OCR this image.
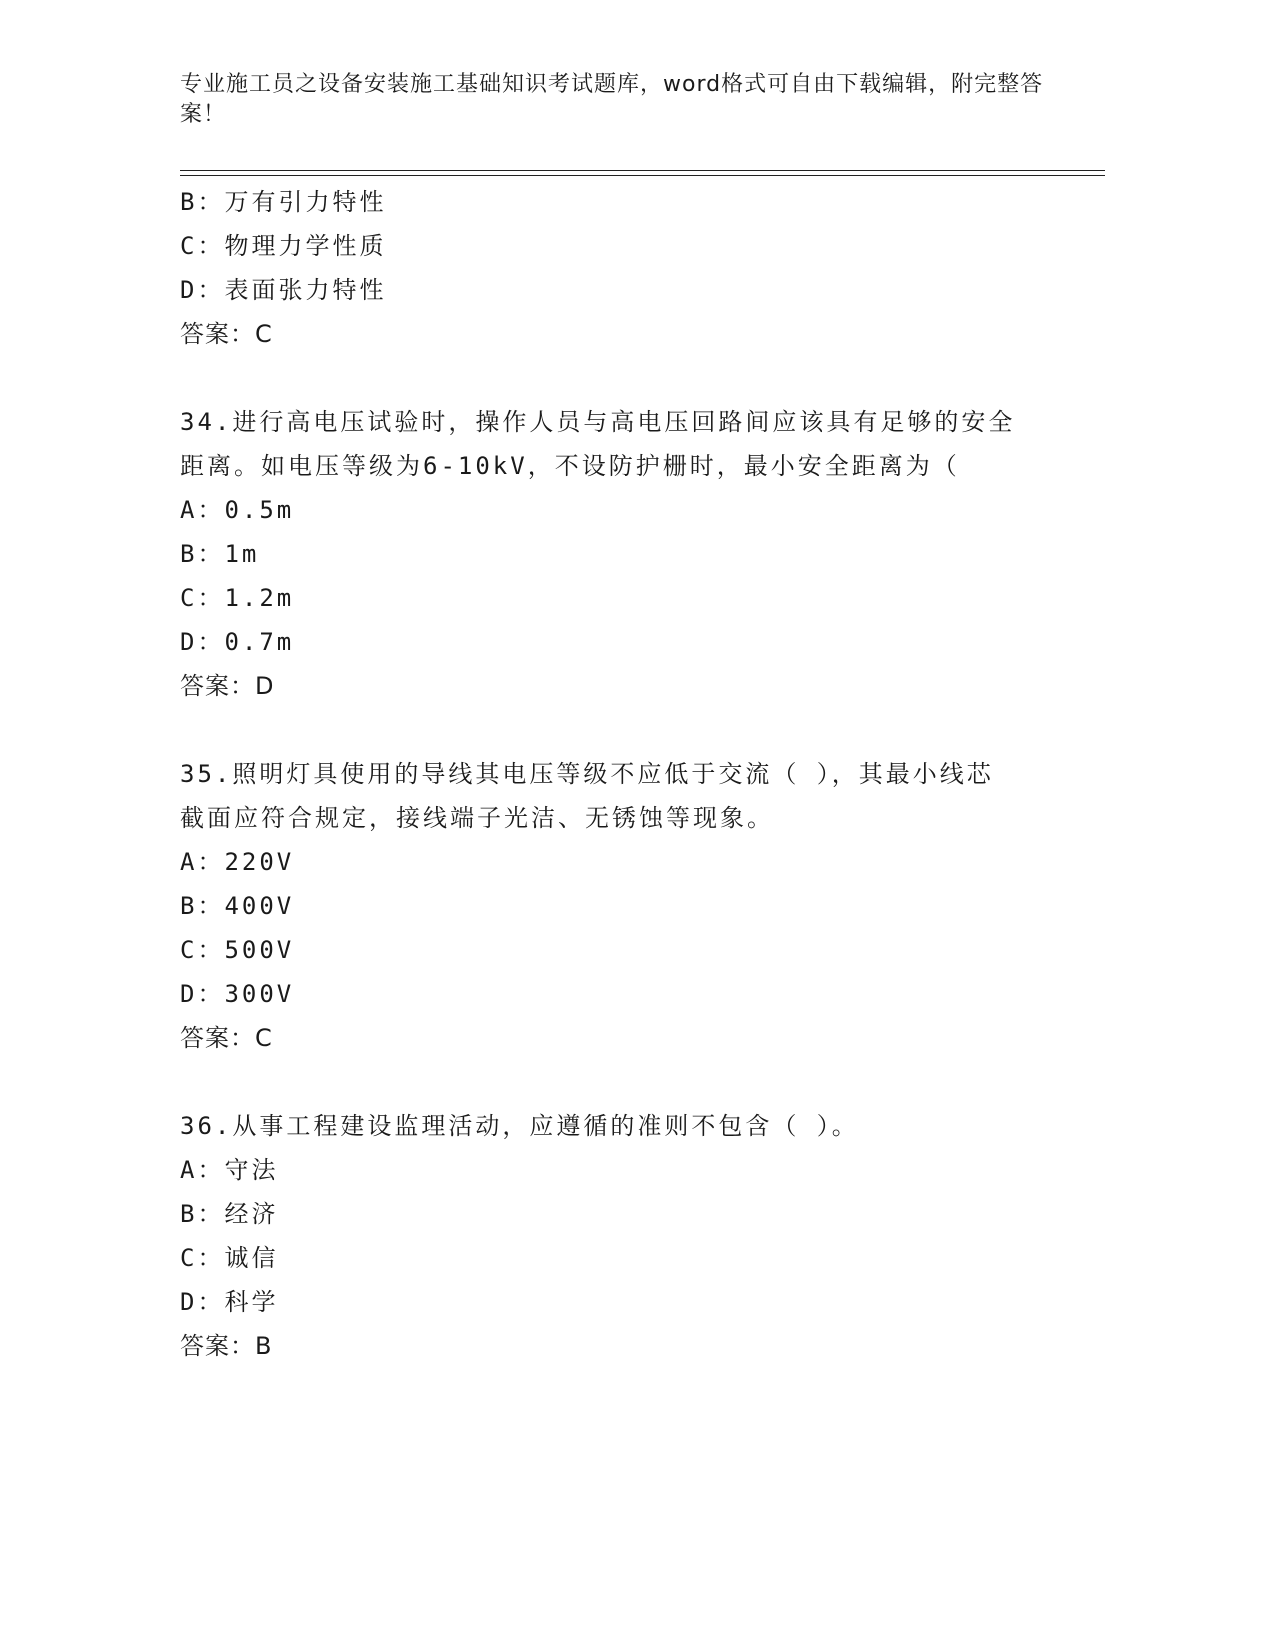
专业施工员之设备安装施工基础知识考试题库，word格式可自由下载编辑，附完整答案！
B：万有引力特性
C：物理力学性质
D：表面张力特性
答案：C
34.进行高电压试验时，操作人员与高电压回路间应该具有足够的安全
距离。如电压等级为6-10kV，不设防护栅时，最小安全距离为（
A：0.5m
B：1m
C：1.2m
D：0.7m
答案：D
35.照明灯具使用的导线其电压等级不应低于交流（ ），其最小线芯
截面应符合规定，接线端子光洁、无锈蚀等现象。
A：220V
B：400V
C：500V
D：300V
答案：C
36.从事工程建设监理活动，应遵循的准则不包含（ ）。
A：守法
B：经济
C：诚信
D：科学
答案：B
